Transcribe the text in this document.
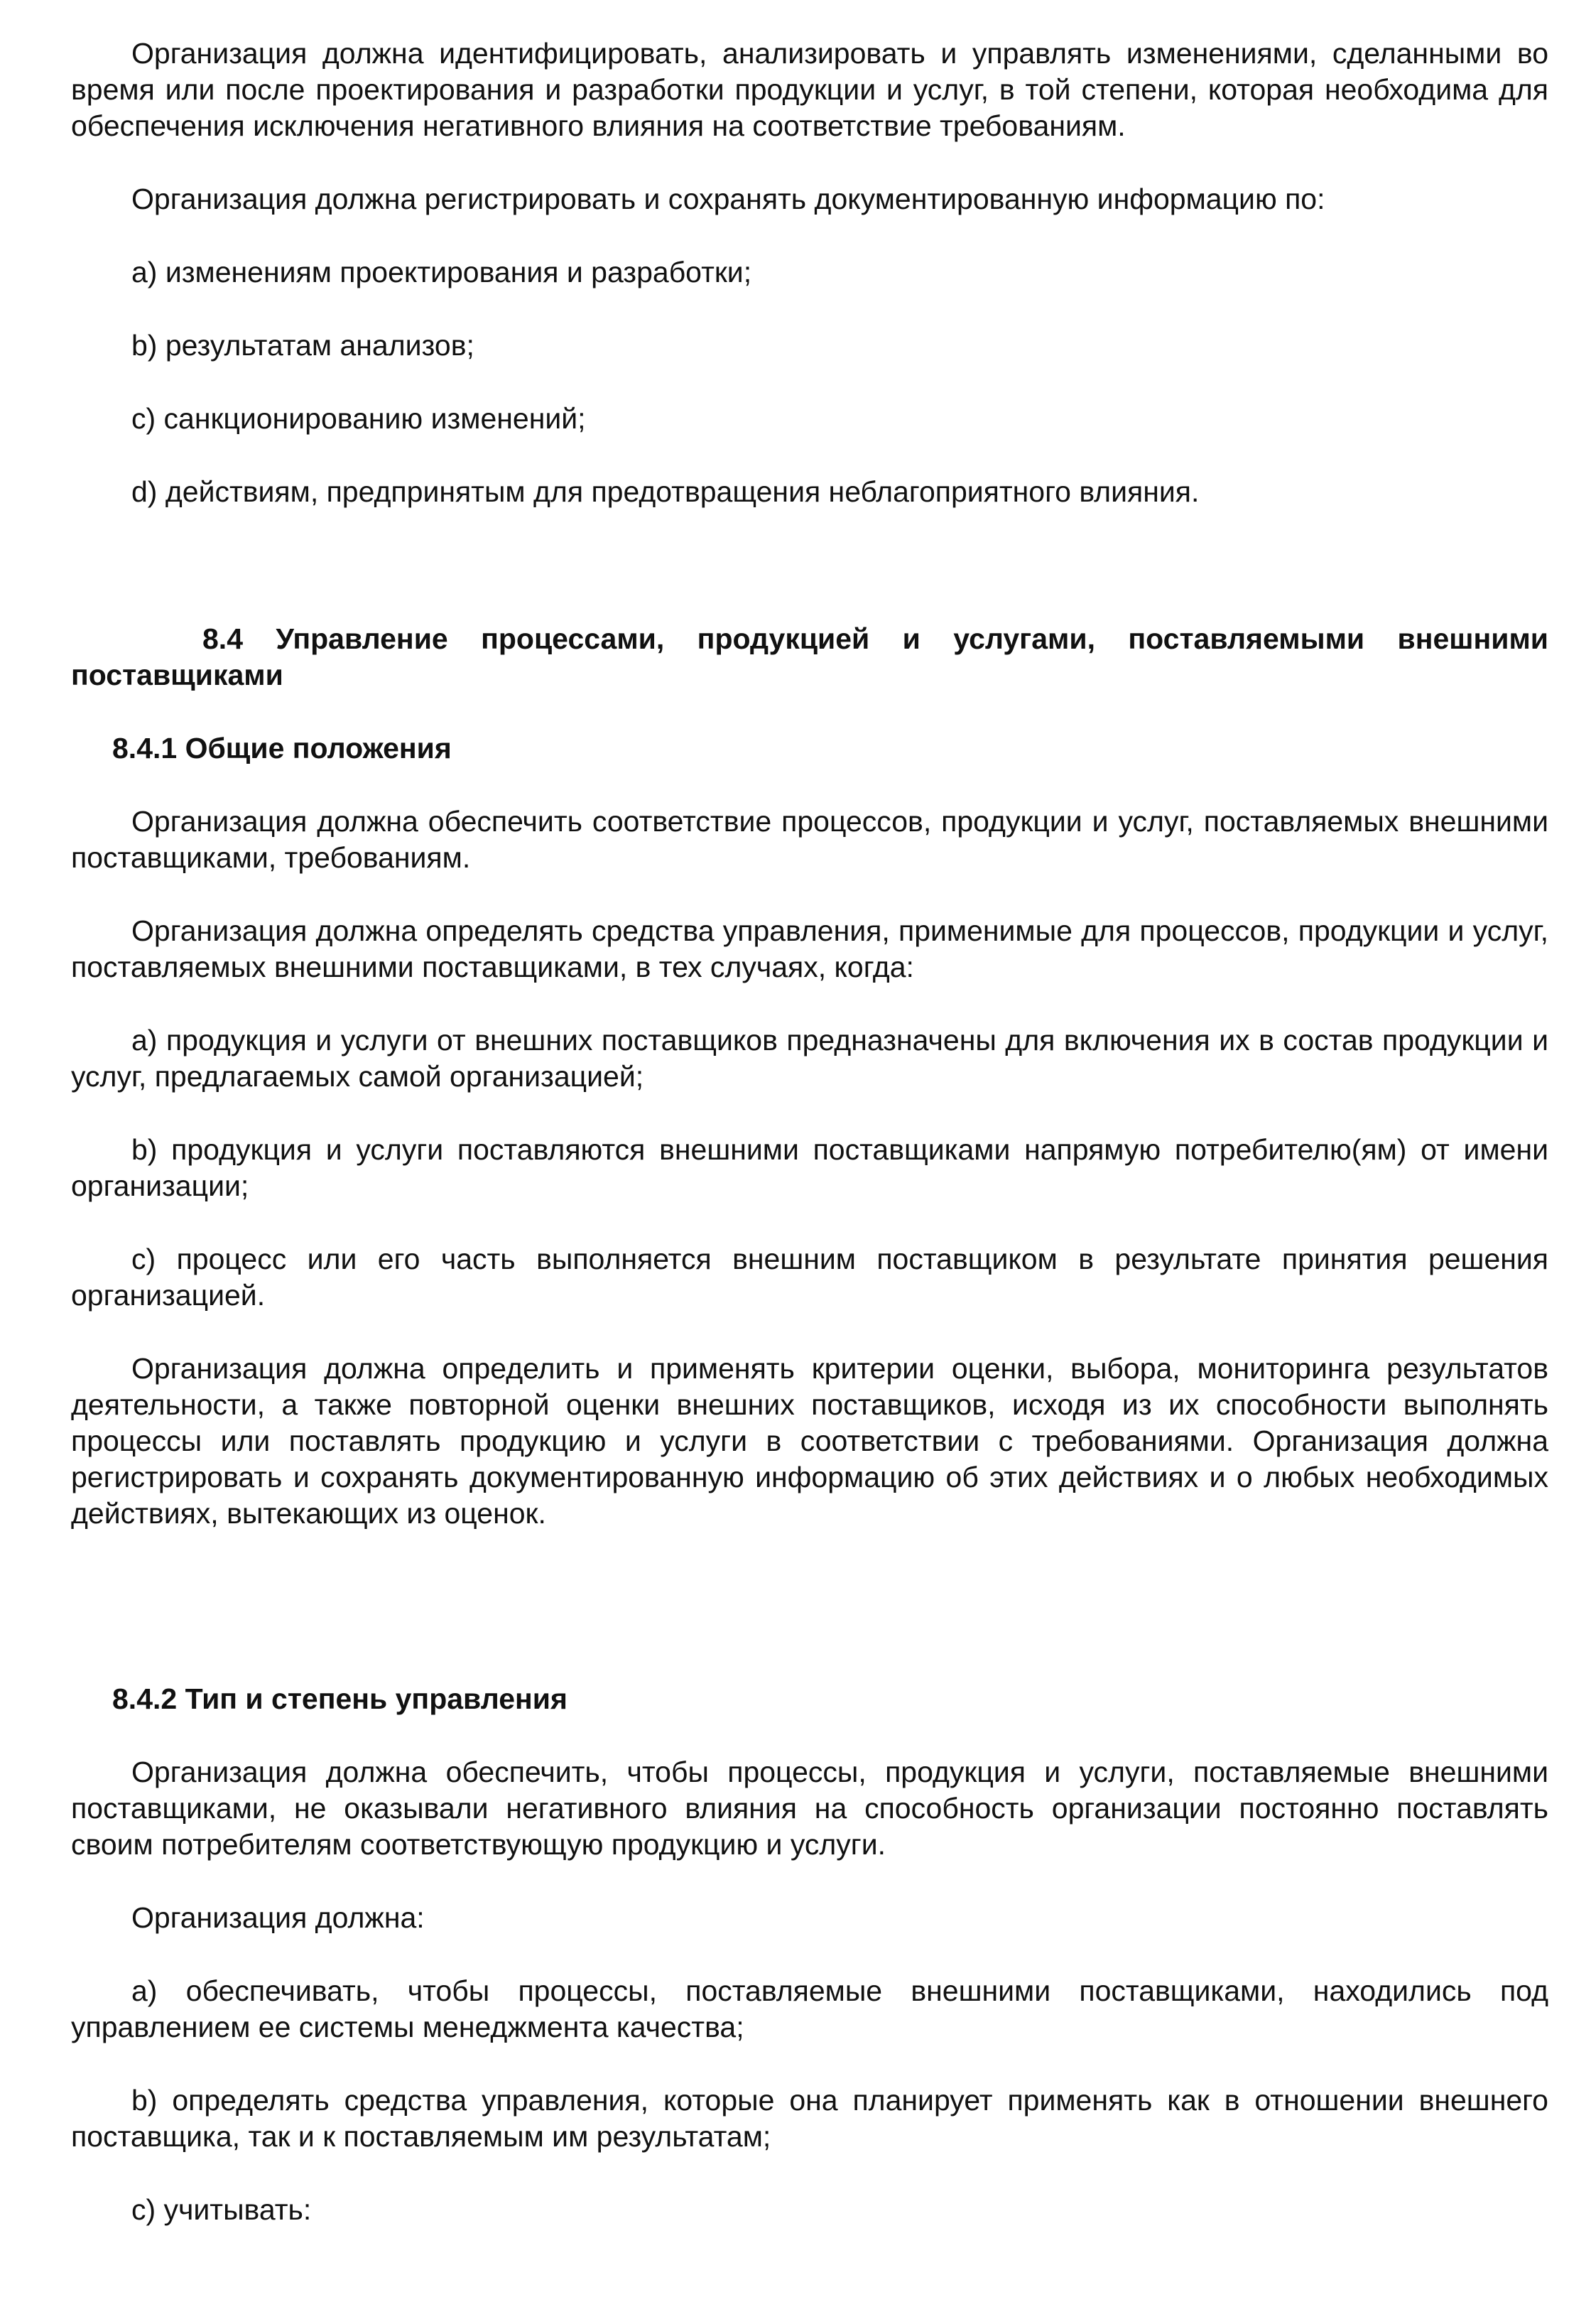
Организация должна идентифицировать, анализировать и управлять изменениями, сделанными во время или после проектирования и разработки продукции и услуг, в той степени, которая необходима для обеспечения исключения негативного влияния на соответствие требованиям.

Организация должна регистрировать и сохранять документированную информацию по:

a) изменениям проектирования и разработки;

b) результатам анализов;

c) санкционированию изменений;

d) действиям, предпринятым для предотвращения неблагоприятного влияния.

8.4 Управление процессами, продукцией и услугами, поставляемыми внешними поставщиками

8.4.1 Общие положения

Организация должна обеспечить соответствие процессов, продукции и услуг, поставляемых внешними поставщиками, требованиям.

Организация должна определять средства управления, применимые для процессов, продукции и услуг, поставляемых внешними поставщиками, в тех случаях, когда:

a) продукция и услуги от внешних поставщиков предназначены для включения их в состав продукции и услуг, предлагаемых самой организацией;

b) продукция и услуги поставляются внешними поставщиками напрямую потребителю(ям) от имени организации;

c) процесс или его часть выполняется внешним поставщиком в результате принятия решения организацией.

Организация должна определить и применять критерии оценки, выбора, мониторинга результатов деятельности, а также повторной оценки внешних поставщиков, исходя из их способности выполнять процессы или поставлять продукцию и услуги в соответствии с требованиями. Организация должна регистрировать и сохранять документированную информацию об этих действиях и о любых необходимых действиях, вытекающих из оценок.

8.4.2 Тип и степень управления

Организация должна обеспечить, чтобы процессы, продукция и услуги, поставляемые внешними поставщиками, не оказывали негативного влияния на способность организации постоянно поставлять своим потребителям соответствующую продукцию и услуги.

Организация должна:

a) обеспечивать, чтобы процессы, поставляемые внешними поставщиками, находились под управлением ее системы менеджмента качества;

b) определять средства управления, которые она планирует применять как в отношении внешнего поставщика, так и к поставляемым им результатам;

c) учитывать:
